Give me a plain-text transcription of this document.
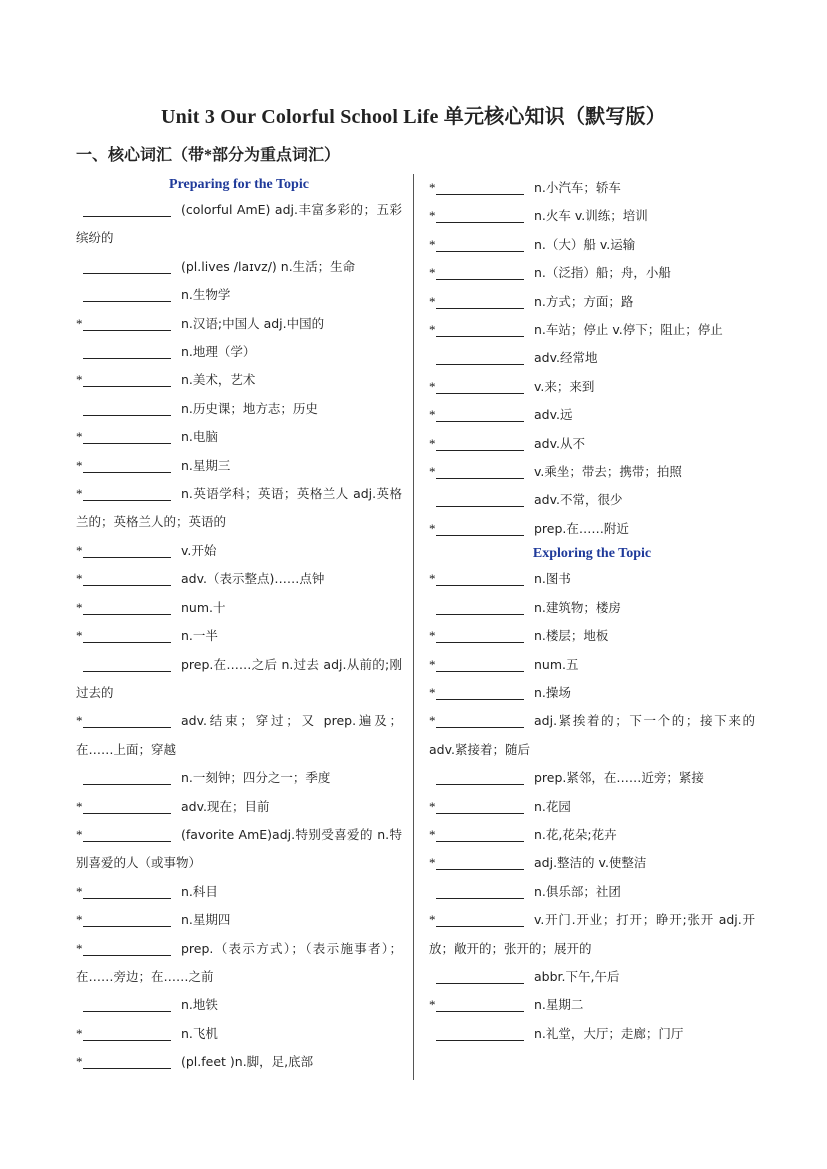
Unit 3 Our Colorful School Life 单元核心知识（默写版）
一、核心词汇（带*部分为重点词汇）
Preparing for the Topic
(colorful AmE) adj.丰富多彩的；五彩缤纷的
(pl.lives /laɪvz/) n.生活；生命
n.生物学
*	n.汉语;中国人 adj.中国的
n.地理（学）
*	n.美术，艺术
n.历史课；地方志；历史
*	n.电脑
*	n.星期三
*	n.英语学科；英语；英格兰人 adj.英格兰的；英格兰人的；英语的
*	v.开始
*	adv.（表示整点)……点钟
*	num.十
*	n.一半
prep.在……之后 n.过去 adj.从前的;刚过去的
*	adv.结束；穿过；又 prep.遍及；在……上面；穿越
n.一刻钟；四分之一；季度
*	adv.现在；目前
*	(favorite AmE)adj.特别受喜爱的 n.特别喜爱的人（或事物）
*	n.科目
*	n.星期四
*	prep.（表示方式）；（表示施事者）；在……旁边；在……之前
n.地铁
*	n.飞机
*	(pl.feet )n.脚，足,底部
*	n.小汽车；轿车
*	n.火车 v.训练；培训
*	n.（大）船 v.运输
*	n.（泛指）船；舟，小船
*	n.方式；方面；路
*	n.车站；停止 v.停下；阻止；停止
adv.经常地
*	v.来；来到
*	adv.远
*	adv.从不
*	v.乘坐；带去；携带；拍照
adv.不常，很少
*	prep.在……附近
Exploring the Topic
*	n.图书
n.建筑物；楼房
*	n.楼层；地板
*	num.五
*	n.操场
*	adj.紧挨着的；下一个的；接下来的 adv.紧接着；随后
prep.紧邻，在……近旁；紧接
*	n.花园
*	n.花,花朵;花卉
*	adj.整洁的 v.使整洁
n.俱乐部；社团
*	v.开门.开业；打开；睁开;张开 adj.开放；敞开的；张开的；展开的
abbr.下午,午后
*	n.星期二
n.礼堂，大厅；走廊；门厅
